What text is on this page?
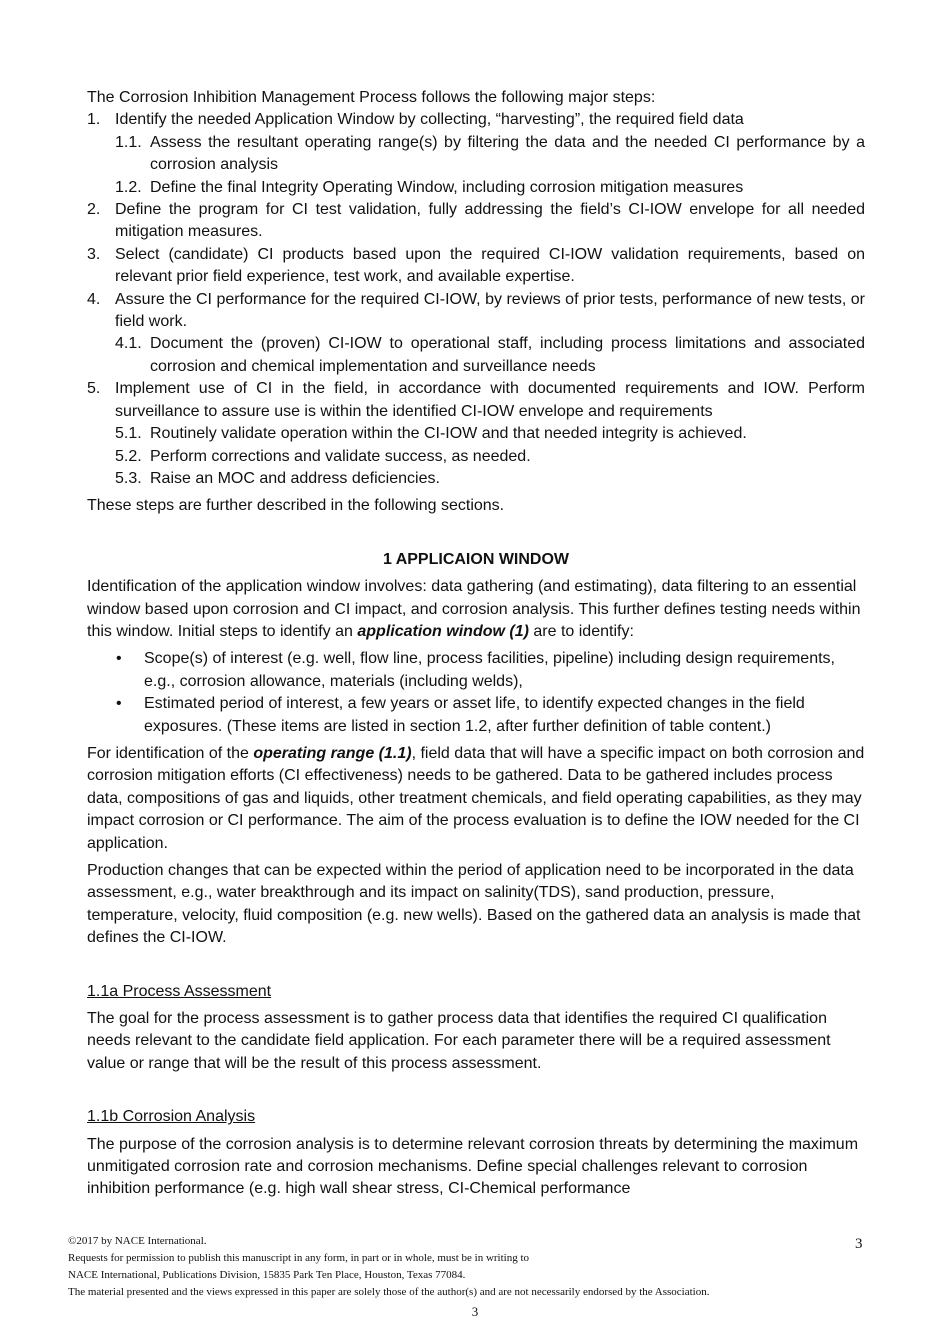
The Corrosion Inhibition Management Process follows the following major steps:

1. Identify the needed Application Window by collecting, “harvesting”, the required field data
1.1. Assess the resultant operating range(s) by filtering the data and the needed CI performance by a corrosion analysis
1.2. Define the final Integrity Operating Window, including corrosion mitigation measures
2. Define the program for CI test validation, fully addressing the field’s CI-IOW envelope for all needed mitigation measures.
3. Select (candidate) CI products based upon the required CI-IOW validation requirements, based on relevant prior field experience, test work, and available expertise.
4. Assure the CI performance for the required CI-IOW, by reviews of prior tests, performance of new tests, or field work.
4.1. Document the (proven) CI-IOW to operational staff, including process limitations and associated corrosion and chemical implementation and surveillance needs
5. Implement use of CI in the field, in accordance with documented requirements and IOW. Perform surveillance to assure use is within the identified CI-IOW envelope and requirements
5.1. Routinely validate operation within the CI-IOW and that needed integrity is achieved.
5.2. Perform corrections and validate success, as needed.
5.3. Raise an MOC and address deficiencies.

These steps are further described in the following sections.

1 APPLICAION WINDOW

Identification of the application window involves: data gathering (and estimating), data filtering to an essential window based upon corrosion and CI impact, and corrosion analysis. This further defines testing needs within this window. Initial steps to identify an application window (1) are to identify:

• Scope(s) of interest (e.g. well, flow line, process facilities, pipeline) including design requirements, e.g., corrosion allowance, materials (including welds),
• Estimated period of interest, a few years or asset life, to identify expected changes in the field exposures. (These items are listed in section 1.2, after further definition of table content.)

For identification of the operating range (1.1), field data that will have a specific impact on both corrosion and corrosion mitigation efforts (CI effectiveness) needs to be gathered. Data to be gathered includes process data, compositions of gas and liquids, other treatment chemicals, and field operating capabilities, as they may impact corrosion or CI performance. The aim of the process evaluation is to define the IOW needed for the CI application.

Production changes that can be expected within the period of application need to be incorporated in the data assessment, e.g., water breakthrough and its impact on salinity(TDS), sand production, pressure, temperature, velocity, fluid composition (e.g. new wells). Based on the gathered data an analysis is made that defines the CI-IOW.

1.1a Process Assessment

The goal for the process assessment is to gather process data that identifies the required CI qualification needs relevant to the candidate field application. For each parameter there will be a required assessment value or range that will be the result of this process assessment.

1.1b Corrosion Analysis

The purpose of the corrosion analysis is to determine relevant corrosion threats by determining the maximum unmitigated corrosion rate and corrosion mechanisms. Define special challenges relevant to corrosion inhibition performance (e.g. high wall shear stress, CI-Chemical performance

3
©2017 by NACE International.
Requests for permission to publish this manuscript in any form, in part or in whole, must be in writing to
NACE International, Publications Division, 15835 Park Ten Place, Houston, Texas 77084.
The material presented and the views expressed in this paper are solely those of the author(s) and are not necessarily endorsed by the Association.
3
